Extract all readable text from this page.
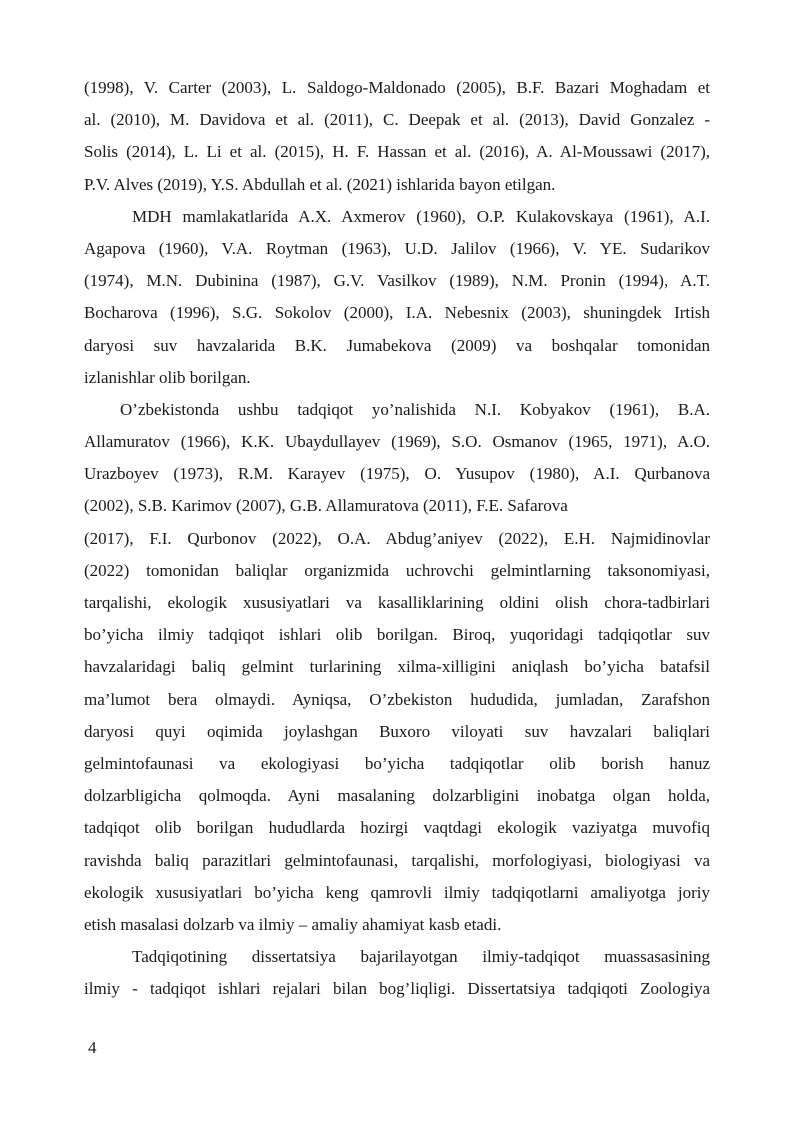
(1998), V. Carter (2003), L. Saldogo-Maldonado (2005), B.F. Bazari Moghadam et
al. (2010), M. Davidova et al. (2011), C. Deepak et al. (2013), David Gonzalez -
Solis (2014), L. Li et al. (2015), H. F. Hassan et al. (2016), A. Al-Moussawi (2017),
P.V. Alves (2019), Y.S. Abdullah et al. (2021) ishlarida bayon etilgan.
MDH mamlakatlarida A.X. Axmerov (1960), O.P. Kulakovskaya (1961), A.I.
Agapova (1960), V.A. Roytman (1963), U.D. Jalilov (1966), V. YE. Sudarikov
(1974), M.N. Dubinina (1987), G.V. Vasilkov (1989), N.M. Pronin (1994), A.T.
Bocharova (1996), S.G. Sokolov (2000), I.A. Nebesnix (2003), shuningdek Irtish
daryosi suv havzalarida B.K. Jumabekova (2009) va boshqalar tomonidan
izlanishlar olib borilgan.
O’zbekistonda ushbu tadqiqot yo’nalishida N.I. Kobyakov (1961), B.A.
Allamuratov (1966), K.K. Ubaydullayev (1969), S.O. Osmanov (1965, 1971), A.O.
Urazboyev (1973), R.M. Karayev (1975), O. Yusupov (1980), A.I. Qurbanova
(2002), S.B. Karimov (2007), G.B. Allamuratova (2011), F.E. Safarova
(2017), F.I. Qurbonov (2022), O.A. Abdug’aniyev (2022), E.H. Najmidinovlar
(2022) tomonidan baliqlar organizmida uchrovchi gelmintlarning taksonomiyasi,
tarqalishi, ekologik xususiyatlari va kasalliklarining oldini olish chora-tadbirlari
bo’yicha ilmiy tadqiqot ishlari olib borilgan. Biroq, yuqoridagi tadqiqotlar suv
havzalaridagi baliq gelmint turlarining xilma-xilligini aniqlash bo’yicha batafsil
ma’lumot bera olmaydi. Ayniqsa, O’zbekiston hududida, jumladan, Zarafshon
daryosi quyi oqimida joylashgan Buxoro viloyati suv havzalari baliqlari
gelmintofaunasi va ekologiyasi bo’yicha tadqiqotlar olib borish hanuz
dolzarbligicha qolmoqda. Ayni masalaning dolzarbligini inobatga olgan holda,
tadqiqot olib borilgan hududlarda hozirgi vaqtdagi ekologik vaziyatga muvofiq
ravishda baliq parazitlari gelmintofaunasi, tarqalishi, morfologiyasi, biologiyasi va
ekologik xususiyatlari bo’yicha keng qamrovli ilmiy tadqiqotlarni amaliyotga joriy
etish masalasi dolzarb va ilmiy – amaliy ahamiyat kasb etadi.
Tadqiqotining dissertatsiya bajarilayotgan ilmiy-tadqiqot muassasasining
ilmiy - tadqiqot ishlari rejalari bilan bog’liqligi. Dissertatsiya tadqiqoti Zoologiya
4
